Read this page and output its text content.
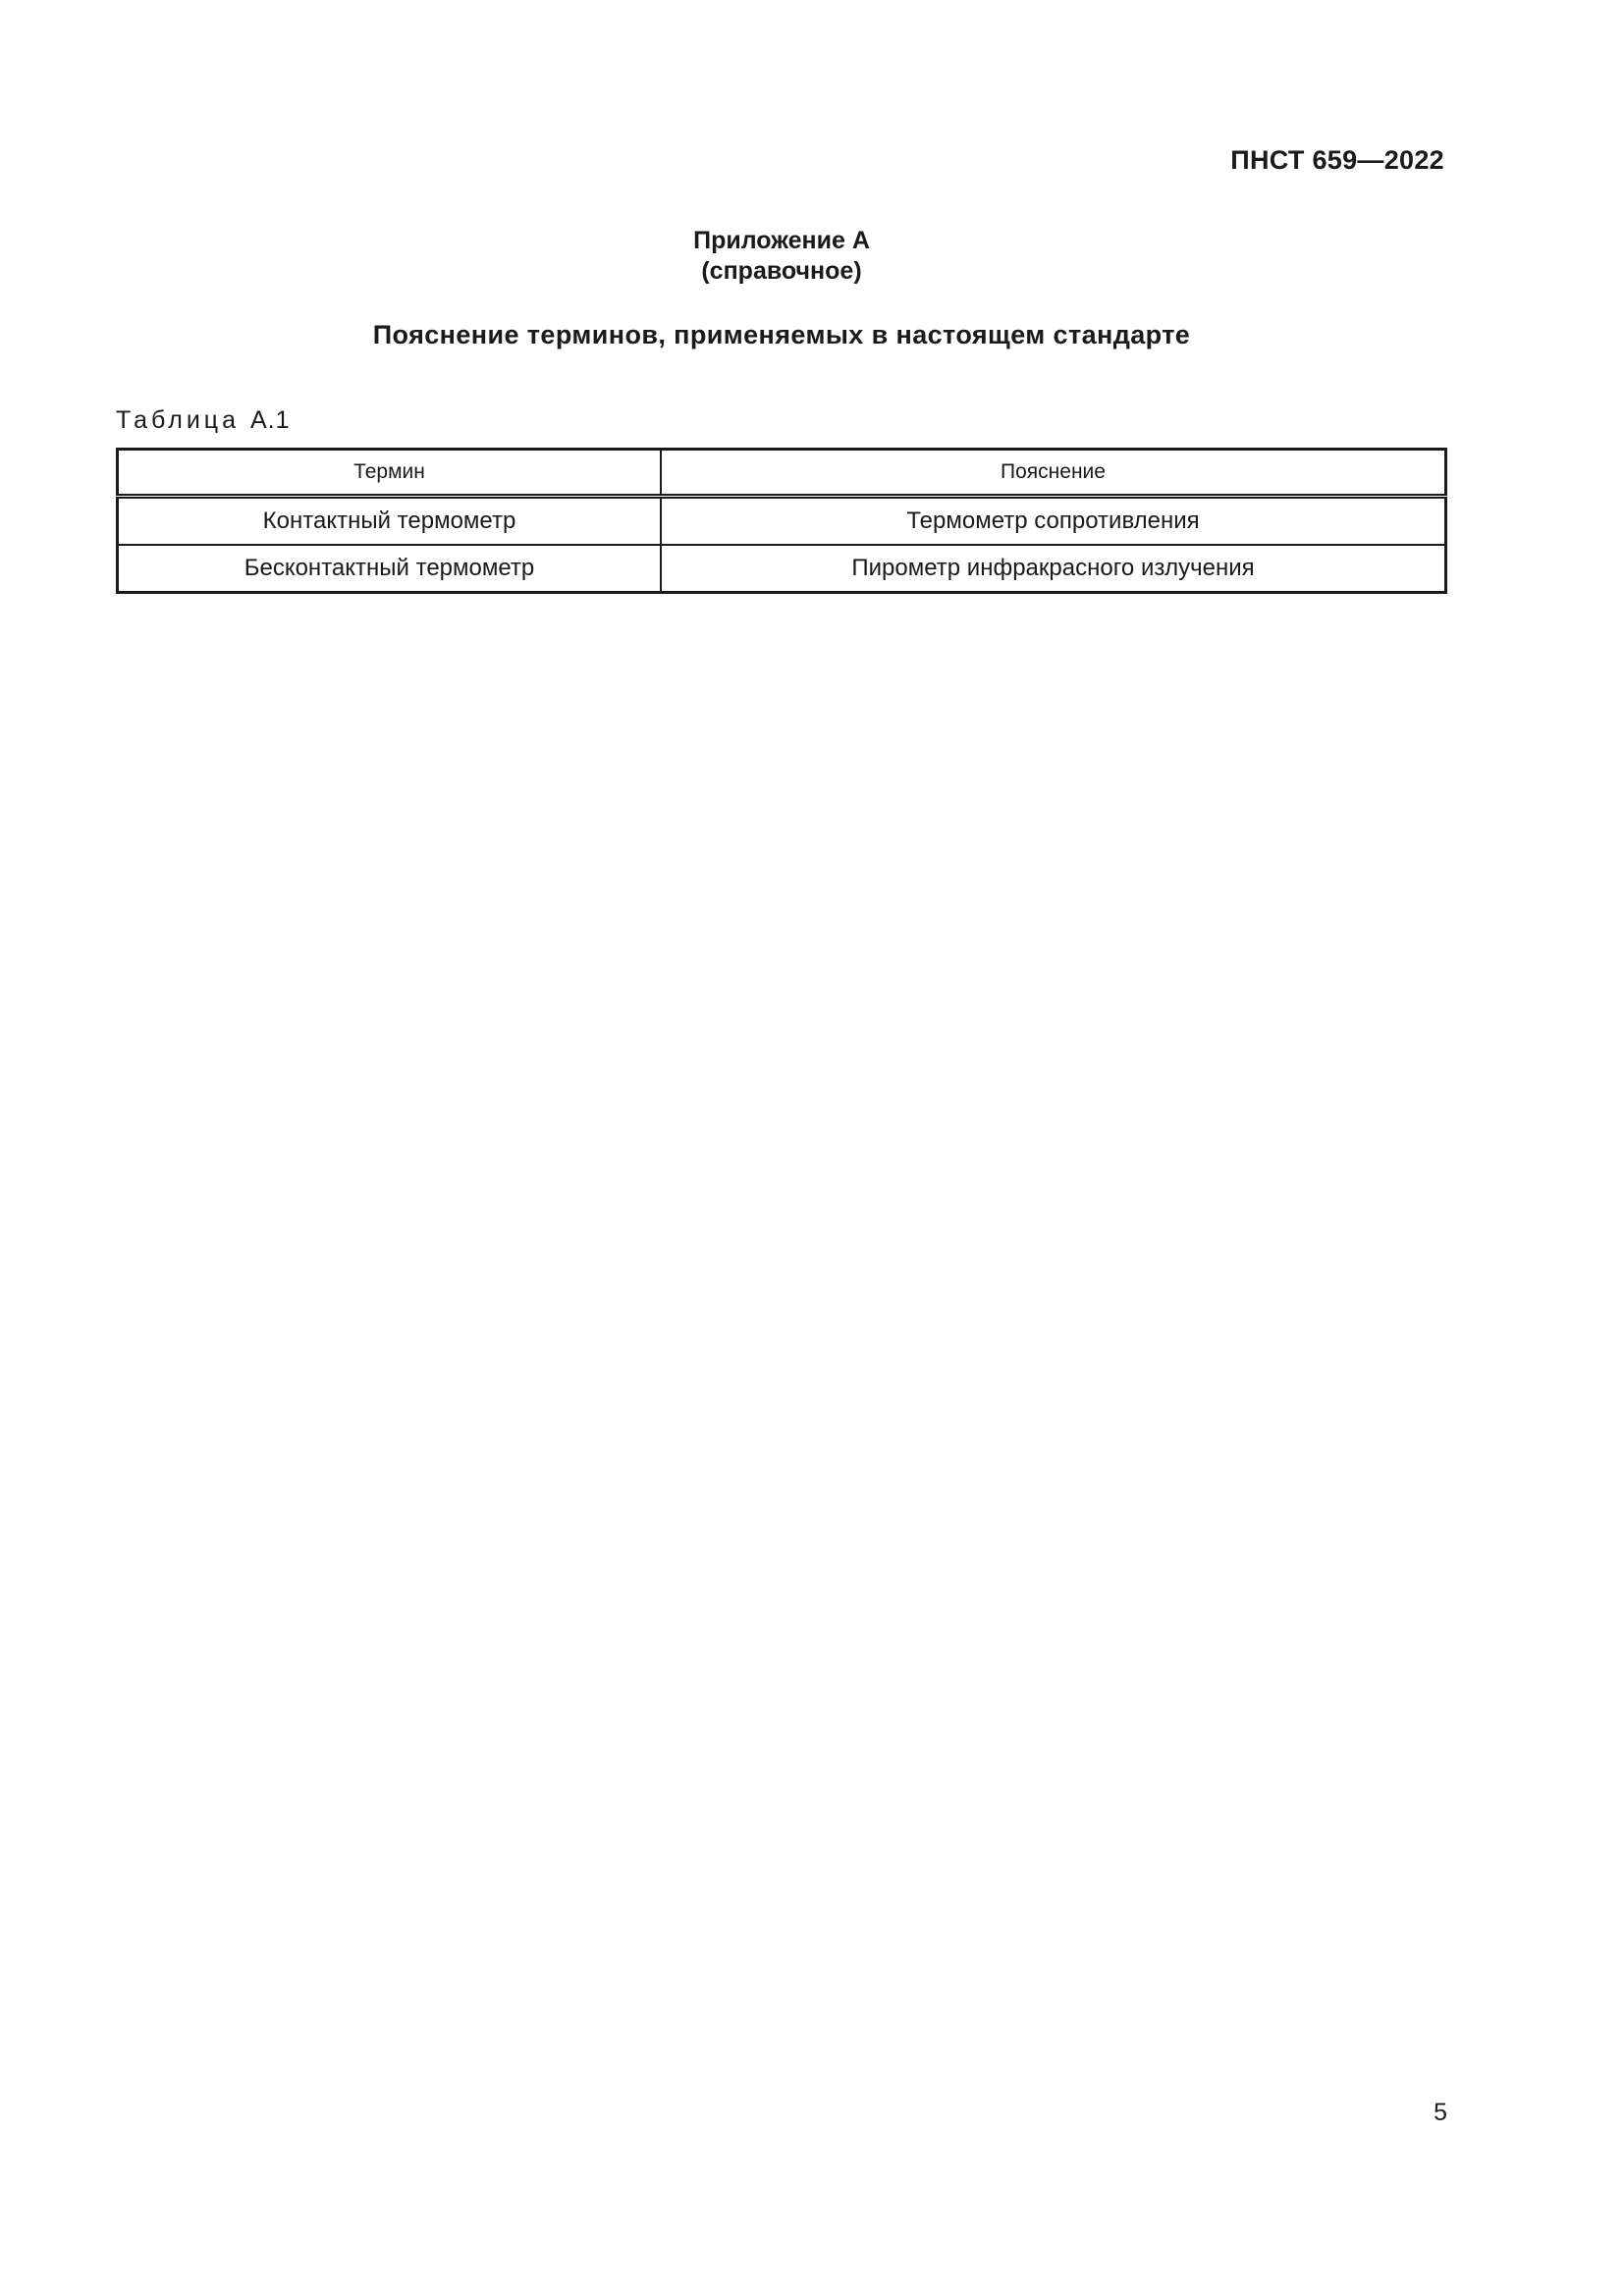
ПНСТ 659—2022
Приложение А
(справочное)
Пояснение терминов, применяемых в настоящем стандарте
Таблица А.1
Термин	Пояснение
Контактный термометр	Термометр сопротивления
Бесконтактный термометр	Пирометр инфракрасного излучения
5
